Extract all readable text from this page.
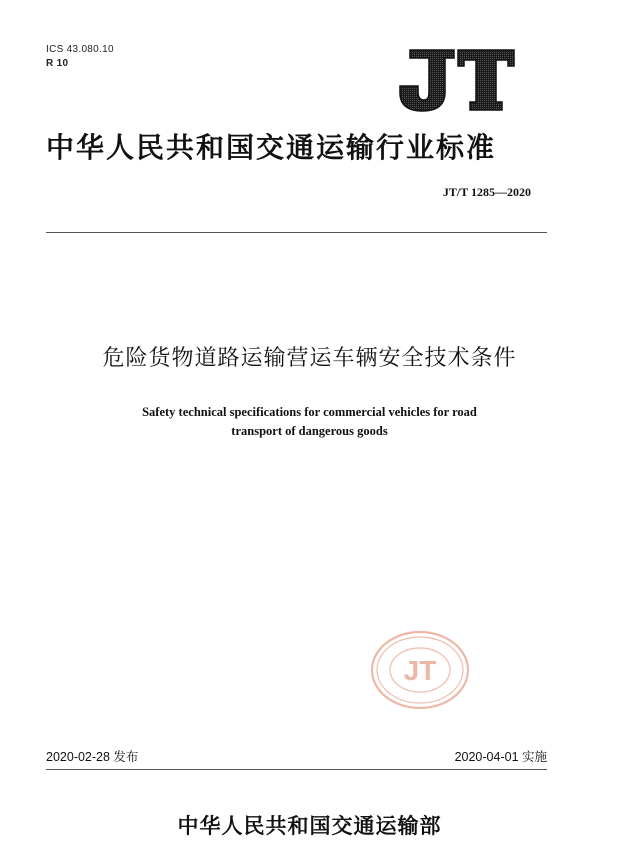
ICS 43.080.10
R 10
中华人民共和国交通运输行业标准
JT/T 1285—2020
危险货物道路运输营运车辆安全技术条件
Safety technical specifications for commercial vehicles for road
transport of dangerous goods
JT
2020-02-28 发布	2020-04-01 实施
中华人民共和国交通运输部
